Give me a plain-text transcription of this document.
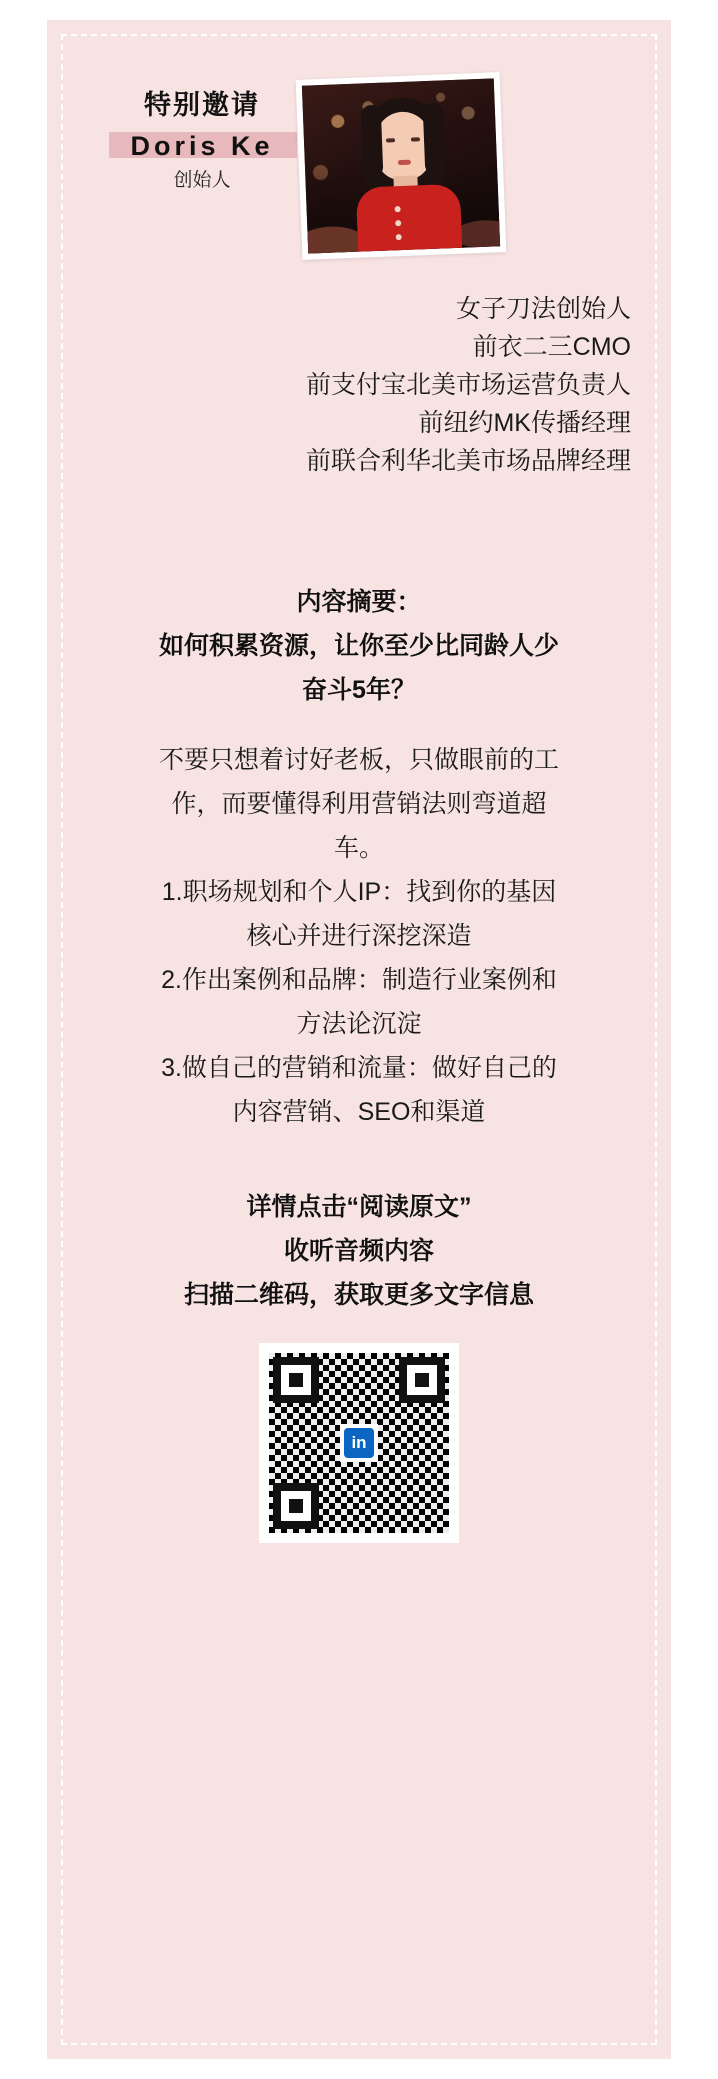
特别邀请
Doris Ke
创始人
女子刀法创始人
前衣二三CMO
前支付宝北美市场运营负责人
前纽约MK传播经理
前联合利华北美市场品牌经理
内容摘要：
如何积累资源，让你至少比同龄人少
奋斗5年？

不要只想着讨好老板，只做眼前的工

作，而要懂得利用营销法则弯道超

车。

1.职场规划和个人IP：找到你的基因

核心并进行深挖深造

2.作出案例和品牌：制造行业案例和

方法论沉淀

3.做自己的营销和流量：做好自己的

内容营销、SEO和渠道

详情点击“阅读原文”
收听音频内容
扫描二维码，获取更多文字信息
in
